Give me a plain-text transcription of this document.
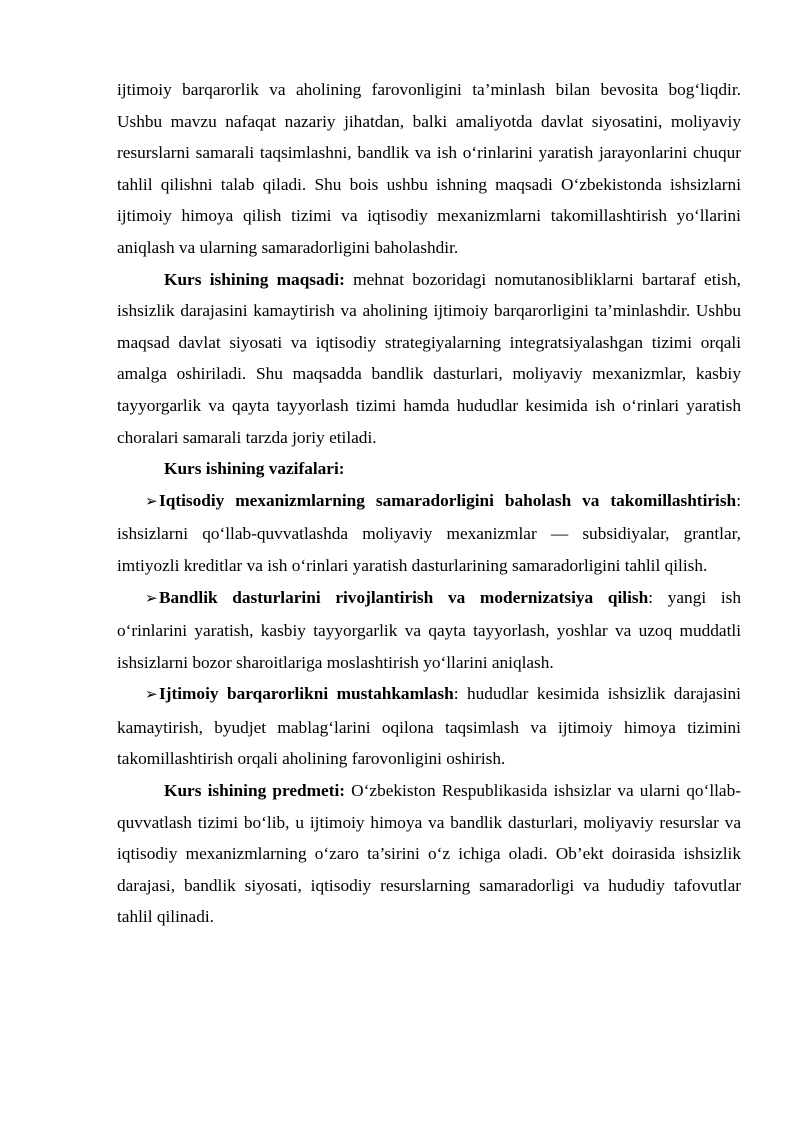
ijtimoiy barqarorlik va aholining farovonligini ta’minlash bilan bevosita bog‘liqdir. Ushbu mavzu nafaqat nazariy jihatdan, balki amaliyotda davlat siyosatini, moliyaviy resurslarni samarali taqsimlashni, bandlik va ish o‘rinlarini yaratish jarayonlarini chuqur tahlil qilishni talab qiladi. Shu bois ushbu ishning maqsadi O‘zbekistonda ishsizlarni ijtimoiy himoya qilish tizimi va iqtisodiy mexanizmlarni takomillashtirish yo‘llarini aniqlash va ularning samaradorligini baholashdir.

Kurs ishining maqsadi: mehnat bozoridagi nomutanosibliklarni bartaraf etish, ishsizlik darajasini kamaytirish va aholining ijtimoiy barqarorligini ta’minlashdir. Ushbu maqsad davlat siyosati va iqtisodiy strategiyalarning integratsiyalashgan tizimi orqali amalga oshiriladi. Shu maqsadda bandlik dasturlari, moliyaviy mexanizmlar, kasbiy tayyorgarlik va qayta tayyorlash tizimi hamda hududlar kesimida ish o‘rinlari yaratish choralari samarali tarzda joriy etiladi.

Kurs ishining vazifalari:

➢Iqtisodiy mexanizmlarning samaradorligini baholash va takomillashtirish: ishsizlarni qo‘llab-quvvatlashda moliyaviy mexanizmlar — subsidiyalar, grantlar, imtiyozli kreditlar va ish o‘rinlari yaratish dasturlarining samaradorligini tahlil qilish.

➢Bandlik dasturlarini rivojlantirish va modernizatsiya qilish: yangi ish o‘rinlarini yaratish, kasbiy tayyorgarlik va qayta tayyorlash, yoshlar va uzoq muddatli ishsizlarni bozor sharoitlariga moslashtirish yo‘llarini aniqlash.

➢Ijtimoiy barqarorlikni mustahkamlash: hududlar kesimida ishsizlik darajasini kamaytirish, byudjet mablag‘larini oqilona taqsimlash va ijtimoiy himoya tizimini takomillashtirish orqali aholining farovonligini oshirish.

Kurs ishining predmeti: O‘zbekiston Respublikasida ishsizlar va ularni qo‘llab-quvvatlash tizimi bo‘lib, u ijtimoiy himoya va bandlik dasturlari, moliyaviy resurslar va iqtisodiy mexanizmlarning o‘zaro ta’sirini o‘z ichiga oladi. Ob’ekt doirasida ishsizlik darajasi, bandlik siyosati, iqtisodiy resurslarning samaradorligi va hududiy tafovutlar tahlil qilinadi.
